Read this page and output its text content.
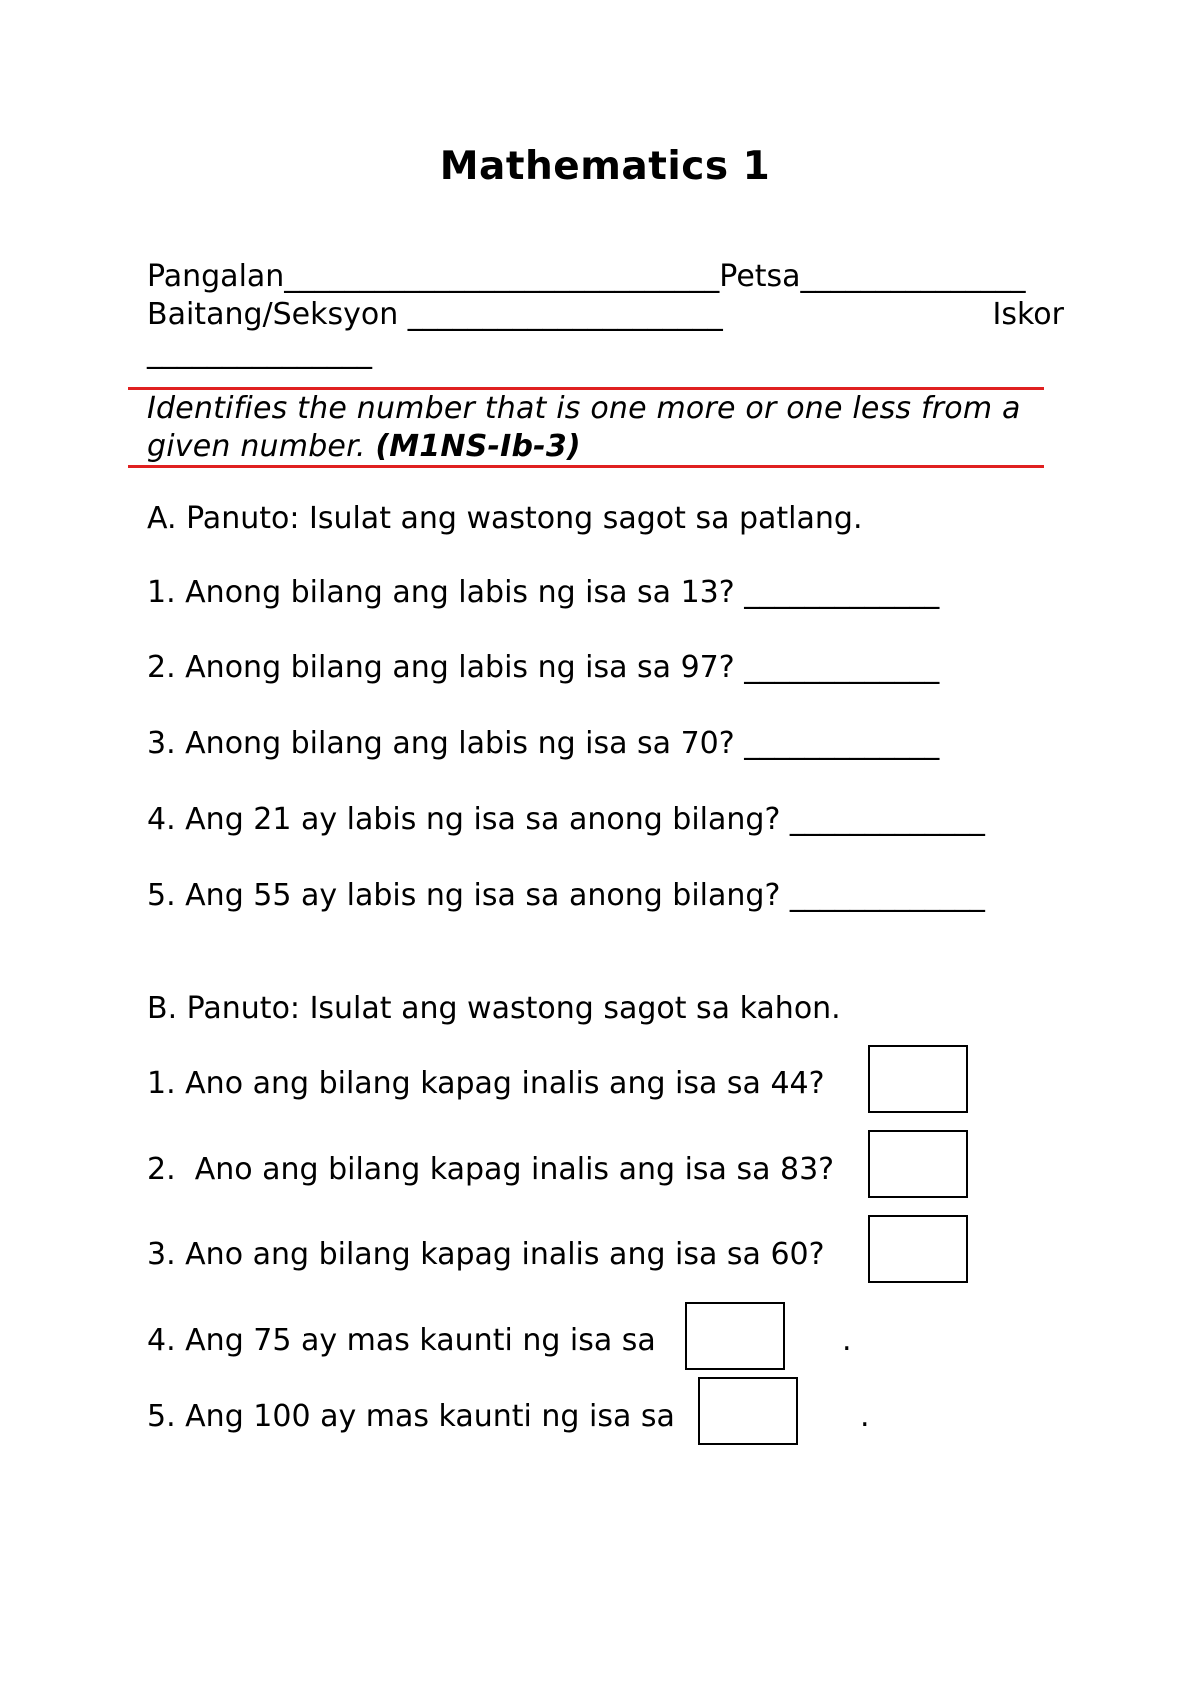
Mathematics 1
Pangalan_____________________________Petsa_______________
Baitang/Seksyon _____________________	Iskor
_______________
Identifies the number that is one more or one less from a given number. (M1NS-Ib-3)
A. Panuto: Isulat ang wastong sagot sa patlang.
1. Anong bilang ang labis ng isa sa 13? _____________
2. Anong bilang ang labis ng isa sa 97? _____________
3. Anong bilang ang labis ng isa sa 70? _____________
4. Ang 21 ay labis ng isa sa anong bilang? _____________
5. Ang 55 ay labis ng isa sa anong bilang? _____________
B. Panuto: Isulat ang wastong sagot sa kahon.
1. Ano ang bilang kapag inalis ang isa sa 44?
2.  Ano ang bilang kapag inalis ang isa sa 83?
3. Ano ang bilang kapag inalis ang isa sa 60?
4. Ang 75 ay mas kaunti ng isa sa	.
5. Ang 100 ay mas kaunti ng isa sa	.
